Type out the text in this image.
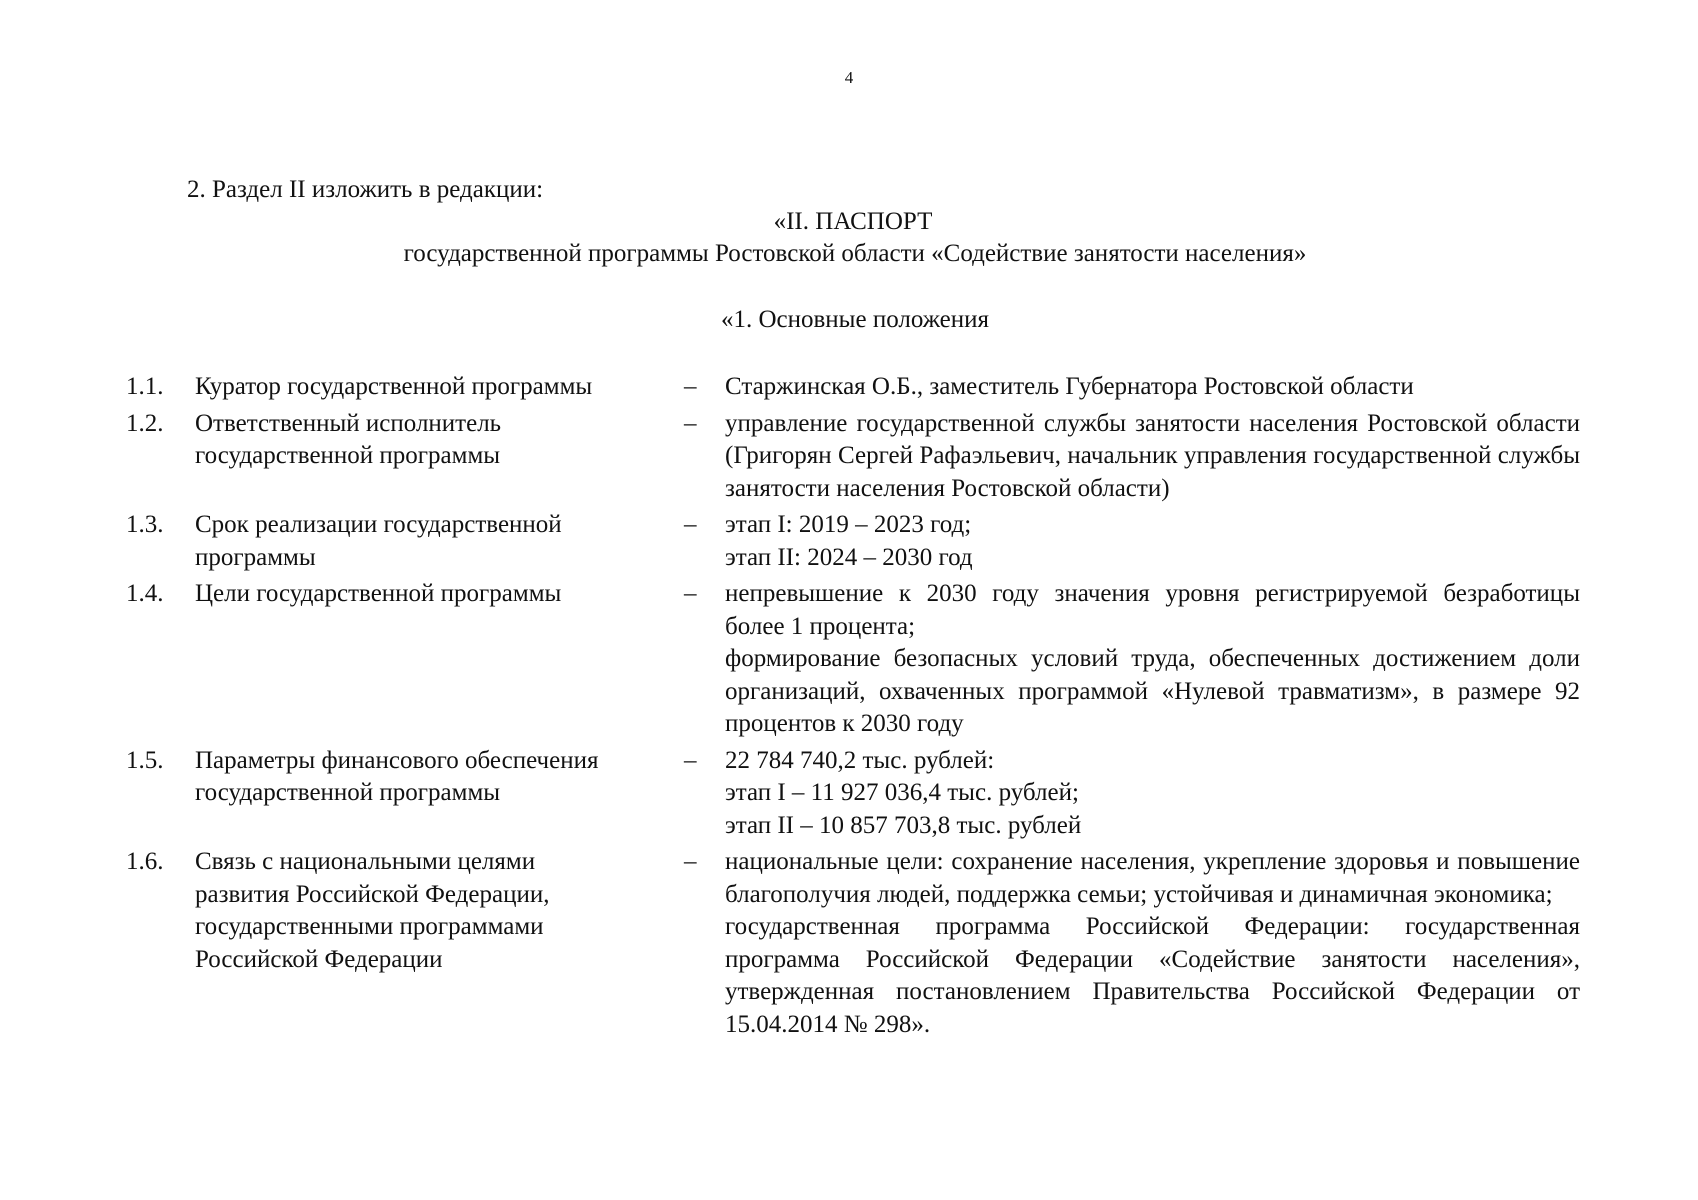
4
2. Раздел II изложить в редакции:
«II. ПАСПОРТ
государственной программы Ростовской области «Содействие занятости населения»
«1. Основные положения
1.1. Куратор государственной программы	– Старжинская О.Б., заместитель Губернатора Ростовской области

1.2. Ответственный исполнитель государственной программы
– управление государственной службы занятости населения Ростовской области (Григорян Сергей Рафаэльевич, начальник управления государственной службы занятости населения Ростовской области)

1.3. Срок реализации государственной программы
– этап I: 2019 – 2023 год;

этап II: 2024 – 2030 год

1.4. Цели государственной программы	– непревышение к 2030 году значения уровня регистрируемой безработицы более 1 процента;

формирование безопасных условий труда, обеспеченных достижением доли организаций, охваченных программой «Нулевой травматизм», в размере 92 процентов к 2030 году

1.5. Параметры финансового обеспечения государственной программы
– 22 784 740,2 тыс. рублей:

этап I – 11 927 036,4 тыс. рублей;

этап II – 10 857 703,8 тыс. рублей

1.6. Связь с национальными целями

развития Российской Федерации,

государственными программами

Российской Федерации

– национальные цели: сохранение населения, укрепление здоровья и повышение благополучия людей, поддержка семьи; устойчивая и динамичная экономика;

государственная программа Российской Федерации: государственная программа Российской Федерации «Содействие занятости населения», утвержденная постановлением Правительства Российской Федерации от 15.04.2014 № 298».
